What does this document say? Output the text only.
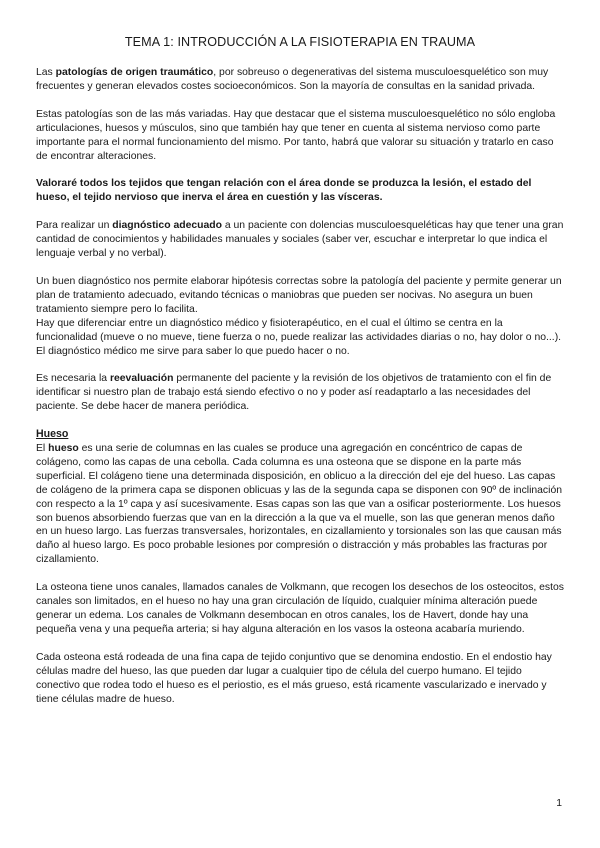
TEMA 1: INTRODUCCIÓN A LA FISIOTERAPIA EN TRAUMA

Las patologías de origen traumático, por sobreuso o degenerativas del sistema musculoesquelético son muy frecuentes y generan elevados costes socioeconómicos. Son la mayoría de consultas en la sanidad privada.

Estas patologías son de las más variadas. Hay que destacar que el sistema musculoesquelético no sólo engloba articulaciones, huesos y músculos, sino que también hay que tener en cuenta al sistema nervioso como parte importante para el normal funcionamiento del mismo. Por tanto, habrá que valorar su situación y tratarlo en caso de encontrar alteraciones.

Valoraré todos los tejidos que tengan relación con el área donde se produzca la lesión, el estado del hueso, el tejido nervioso que inerva el área en cuestión y las vísceras.

Para realizar un diagnóstico adecuado a un paciente con dolencias musculoesqueléticas hay que tener una gran cantidad de conocimientos y habilidades manuales y sociales (saber ver, escuchar e interpretar lo que indica el lenguaje verbal y no verbal).

Un buen diagnóstico nos permite elaborar hipótesis correctas sobre la patología del paciente y permite generar un plan de tratamiento adecuado, evitando técnicas o maniobras que pueden ser nocivas. No asegura un buen tratamiento siempre pero lo facilita.

Hay que diferenciar entre un diagnóstico médico y fisioterapéutico, en el cual el último se centra en la funcionalidad (mueve o no mueve, tiene fuerza o no, puede realizar las actividades diarias o no, hay dolor o no...). El diagnóstico médico me sirve para saber lo que puedo hacer o no.

Es necesaria la reevaluación permanente del paciente y la revisión de los objetivos de tratamiento con el fin de identificar si nuestro plan de trabajo está siendo efectivo o no y poder así readaptarlo a las necesidades del paciente. Se debe hacer de manera periódica.

Hueso

El hueso es una serie de columnas en las cuales se produce una agregación en concéntrico de capas de colágeno, como las capas de una cebolla. Cada columna es una osteona que se dispone en la parte más superficial. El colágeno tiene una determinada disposición, en oblicuo a la dirección del eje del hueso. Las capas de colágeno de la primera capa se disponen oblicuas y las de la segunda capa se disponen con 90º de inclinación con respecto a la 1º capa y así sucesivamente. Esas capas son las que van a osificar posteriormente. Los huesos son buenos absorbiendo fuerzas que van en la dirección a la que va el muelle, son las que generan menos daño en un hueso largo. Las fuerzas transversales, horizontales, en cizallamiento y torsionales son las que causan más daño al hueso largo. Es poco probable lesiones por compresión o distracción y más probables las fracturas por cizallamiento.

La osteona tiene unos canales, llamados canales de Volkmann, que recogen los desechos de los osteocitos, estos canales son limitados, en el hueso no hay una gran circulación de líquido, cualquier mínima alteración puede generar un edema. Los canales de Volkmann desembocan en otros canales, los de Havert, donde hay una pequeña vena y una pequeña arteria; si hay alguna alteración en los vasos la osteona acabaría muriendo.

Cada osteona está rodeada de una fina capa de tejido conjuntivo que se denomina endostio. En el endostio hay células madre del hueso, las que pueden dar lugar a cualquier tipo de célula del cuerpo humano. El tejido conectivo que rodea todo el hueso es el periostio, es el más grueso, está ricamente vascularizado e inervado y tiene células madre de hueso.

1
